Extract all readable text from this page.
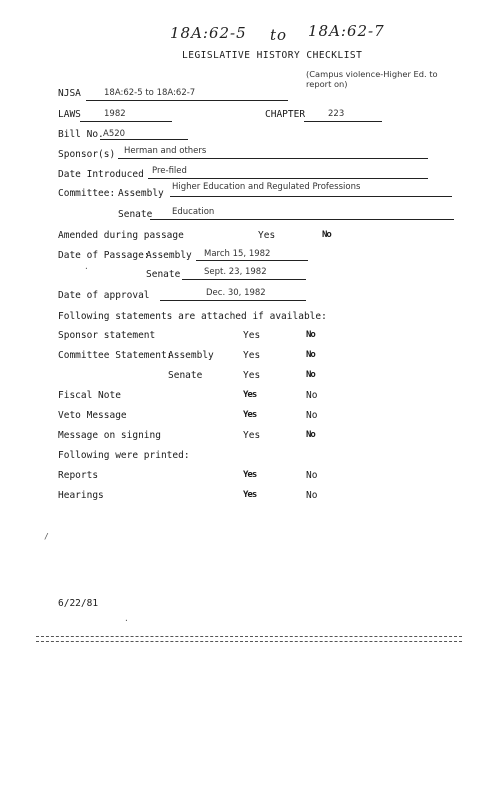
18A:62-5 to 18A:62-7
LEGISLATIVE HISTORY CHECKLIST
NJSA	18A:62-5 to 18A:62-7
(Campus violence-Higher Ed. to report on)
LAWS	1982	CHAPTER	223
Bill No. A520
Sponsor(s) Herman and others
Date Introduced Pre-filed
Committee: Assembly
Higher Education and Regulated Professions
Senate Education
Amended during passage	Yes	No
Date of Passage:
Assembly March 15, 1982
Senate	Sept. 23, 1982
Date of approval	Dec. 30, 1982
Following statements are attached if available:
Sponsor statement	Yes	No
Committee Statement:
Assembly	Yes	No
Senate	Yes	No
Fiscal Note	Yes	No
Veto Message	Yes	No
Message on signing	Yes	No
Following were printed:
Reports	Yes	No
Hearings	Yes	No
/
·
·
6/22/81
